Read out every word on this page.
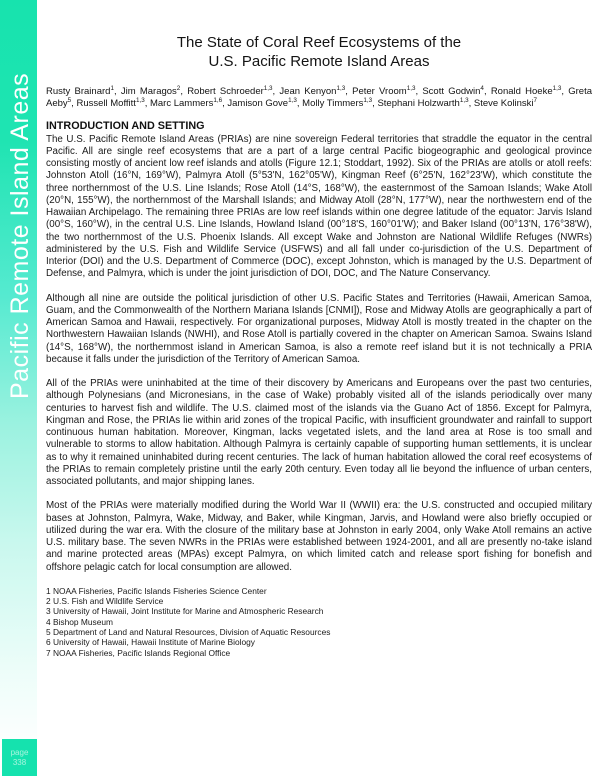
Pacific Remote Island Areas
page
338
The State of Coral Reef Ecosystems of the
U.S. Pacific Remote Island Areas

Rusty Brainard$^1$, Jim Maragos$^2$, Robert Schroeder$^{1,3}$, Jean Kenyon$^{1,3}$, Peter Vroom$^{1,3}$, Scott Godwin$^4$, Ronald Hoeke$^{1,3}$, Greta Aeby$^5$, Russell Moffitt$^{1,3}$, Marc Lammers$^{1,6}$, Jamison Gove$^{1,3}$, Molly Timmers$^{1,3}$, Stephani Holzwarth$^{1,3}$, Steve Kolinski$^7$

INTRODUCTION AND SETTING

The U.S. Pacific Remote Island Areas (PRIAs) are nine sovereign Federal territories that straddle the equator in the central Pacific. All are single reef ecosystems that are a part of a large central Pacific biogeographic and geological province consisting mostly of ancient low reef islands and atolls (Figure 12.1; Stoddart, 1992). Six of the PRIAs are atolls or atoll reefs: Johnston Atoll (16°N, 169°W), Palmyra Atoll (5°53'N, 162°05'W), Kingman Reef (6°25'N, 162°23'W), which constitute the three northernmost of the U.S. Line Islands; Rose Atoll (14°S, 168°W), the easternmost of the Samoan Islands; Wake Atoll (20°N, 155°W), the northernmost of the Marshall Islands; and Midway Atoll (28°N, 177°W), near the northwestern end of the Hawaiian Archipelago. The remaining three PRIAs are low reef islands within one degree latitude of the equator: Jarvis Island (00°S, 160°W), in the central U.S. Line Islands, Howland Island (00°18'S, 160°01'W); and Baker Island (00°13'N, 176°38'W), the two northernmost of the U.S. Phoenix Islands. All except Wake and Johnston are National Wildlife Refuges (NWRs) administered by the U.S. Fish and Wildlife Service (USFWS) and all fall under co-jurisdiction of the U.S. Department of Interior (DOI) and the U.S. Department of Commerce (DOC), except Johnston, which is managed by the U.S. Department of Defense, and Palmyra, which is under the joint jurisdiction of DOI, DOC, and The Nature Conservancy.

Although all nine are outside the political jurisdiction of other U.S. Pacific States and Territories (Hawaii, American Samoa, Guam, and the Commonwealth of the Northern Mariana Islands [CNMI]), Rose and Midway Atolls are geographically a part of American Samoa and Hawaii, respectively. For organizational purposes, Midway Atoll is mostly treated in the chapter on the Northwestern Hawaiian Islands (NWHI), and Rose Atoll is partially covered in the chapter on American Samoa. Swains Island (14°S, 168°W), the northernmost island in American Samoa, is also a remote reef island but it is not technically a PRIA because it falls under the jurisdiction of the Territory of American Samoa.

All of the PRIAs were uninhabited at the time of their discovery by Americans and Europeans over the past two centuries, although Polynesians (and Micronesians, in the case of Wake) probably visited all of the islands periodically over many centuries to harvest fish and wildlife. The U.S. claimed most of the islands via the Guano Act of 1856. Except for Palmyra, Kingman and Rose, the PRIAs lie within arid zones of the tropical Pacific, with insufficient groundwater and rainfall to support continuous human habitation. Moreover, Kingman, lacks vegetated islets, and the land area at Rose is too small and vulnerable to storms to allow habitation. Although Palmyra is certainly capable of supporting human settlements, it is unclear as to why it remained uninhabited during recent centuries. The lack of human habitation allowed the coral reef ecosystems of the PRIAs to remain completely pristine until the early 20th century. Even today all lie beyond the influence of urban centers, associated pollutants, and major shipping lanes.

Most of the PRIAs were materially modified during the World War II (WWII) era: the U.S. constructed and occupied military bases at Johnston, Palmyra, Wake, Midway, and Baker, while Kingman, Jarvis, and Howland were also briefly occupied or utilized during the war era. With the closure of the military base at Johnston in early 2004, only Wake Atoll remains an active U.S. military base. The seven NWRs in the PRIAs were established between 1924-2001, and all are presently no-take island and marine protected areas (MPAs) except Palmyra, on which limited catch and release sport fishing for bonefish and offshore pelagic catch for local consumption are allowed.

1 NOAA Fisheries, Pacific Islands Fisheries Science Center
2 U.S. Fish and Wildlife Service
3 University of Hawaii, Joint Institute for Marine and Atmospheric Research
4 Bishop Museum
5 Department of Land and Natural Resources, Division of Aquatic Resources
6 University of Hawaii, Hawaii Institute of Marine Biology
7 NOAA Fisheries, Pacific Islands Regional Office
